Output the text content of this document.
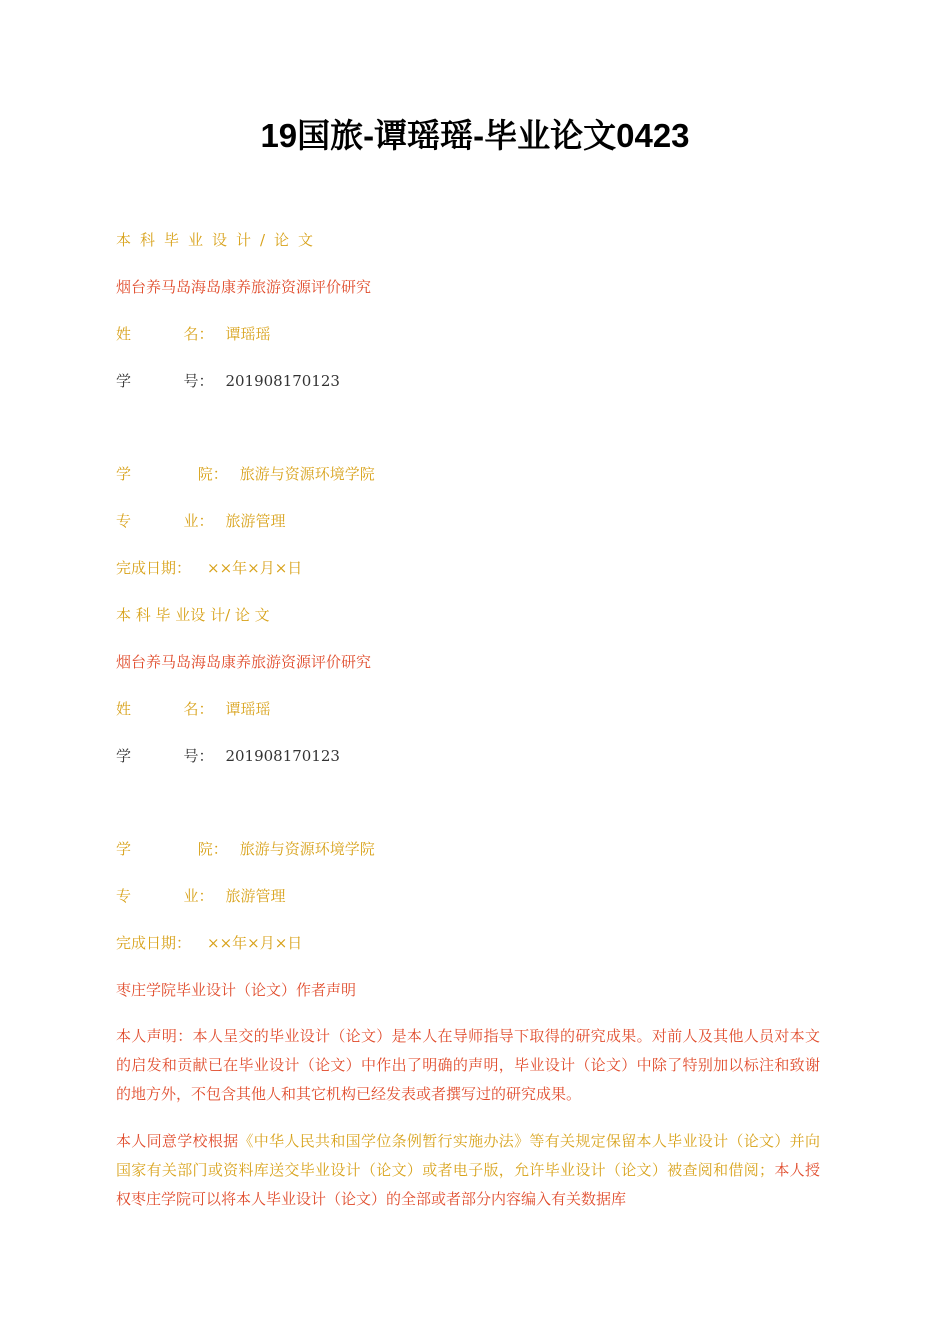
19国旅-谭瑶瑶-毕业论文0423

本科毕业设计/论文

烟台养马岛海岛康养旅游资源评价研究

姓           名： 谭瑶瑶

学           号： 201908170123

学              院： 旅游与资源环境学院

专           业： 旅游管理

完成日期： ××年×月×日

本 科 毕 业设 计/ 论 文

烟台养马岛海岛康养旅游资源评价研究

姓           名： 谭瑶瑶

学           号： 201908170123

学              院： 旅游与资源环境学院

专           业： 旅游管理

完成日期： ××年×月×日

枣庄学院毕业设计（论文）作者声明

本人声明：本人呈交的毕业设计（论文）是本人在导师指导下取得的研究成果。对前人及其他人员对本文的启发和贡献已在毕业设计（论文）中作出了明确的声明，毕业设计（论文）中除了特别加以标注和致谢的地方外，不包含其他人和其它机构已经发表或者撰写过的研究成果。

本人同意学校根据《中华人民共和国学位条例暂行实施办法》等有关规定保留本人毕业设计（论文）并向国家有关部门或资料库送交毕业设计（论文）或者电子版，允许毕业设计（论文）被查阅和借阅；本人授权枣庄学院可以将本人毕业设计（论文）的全部或者部分内容编入有关数据库
